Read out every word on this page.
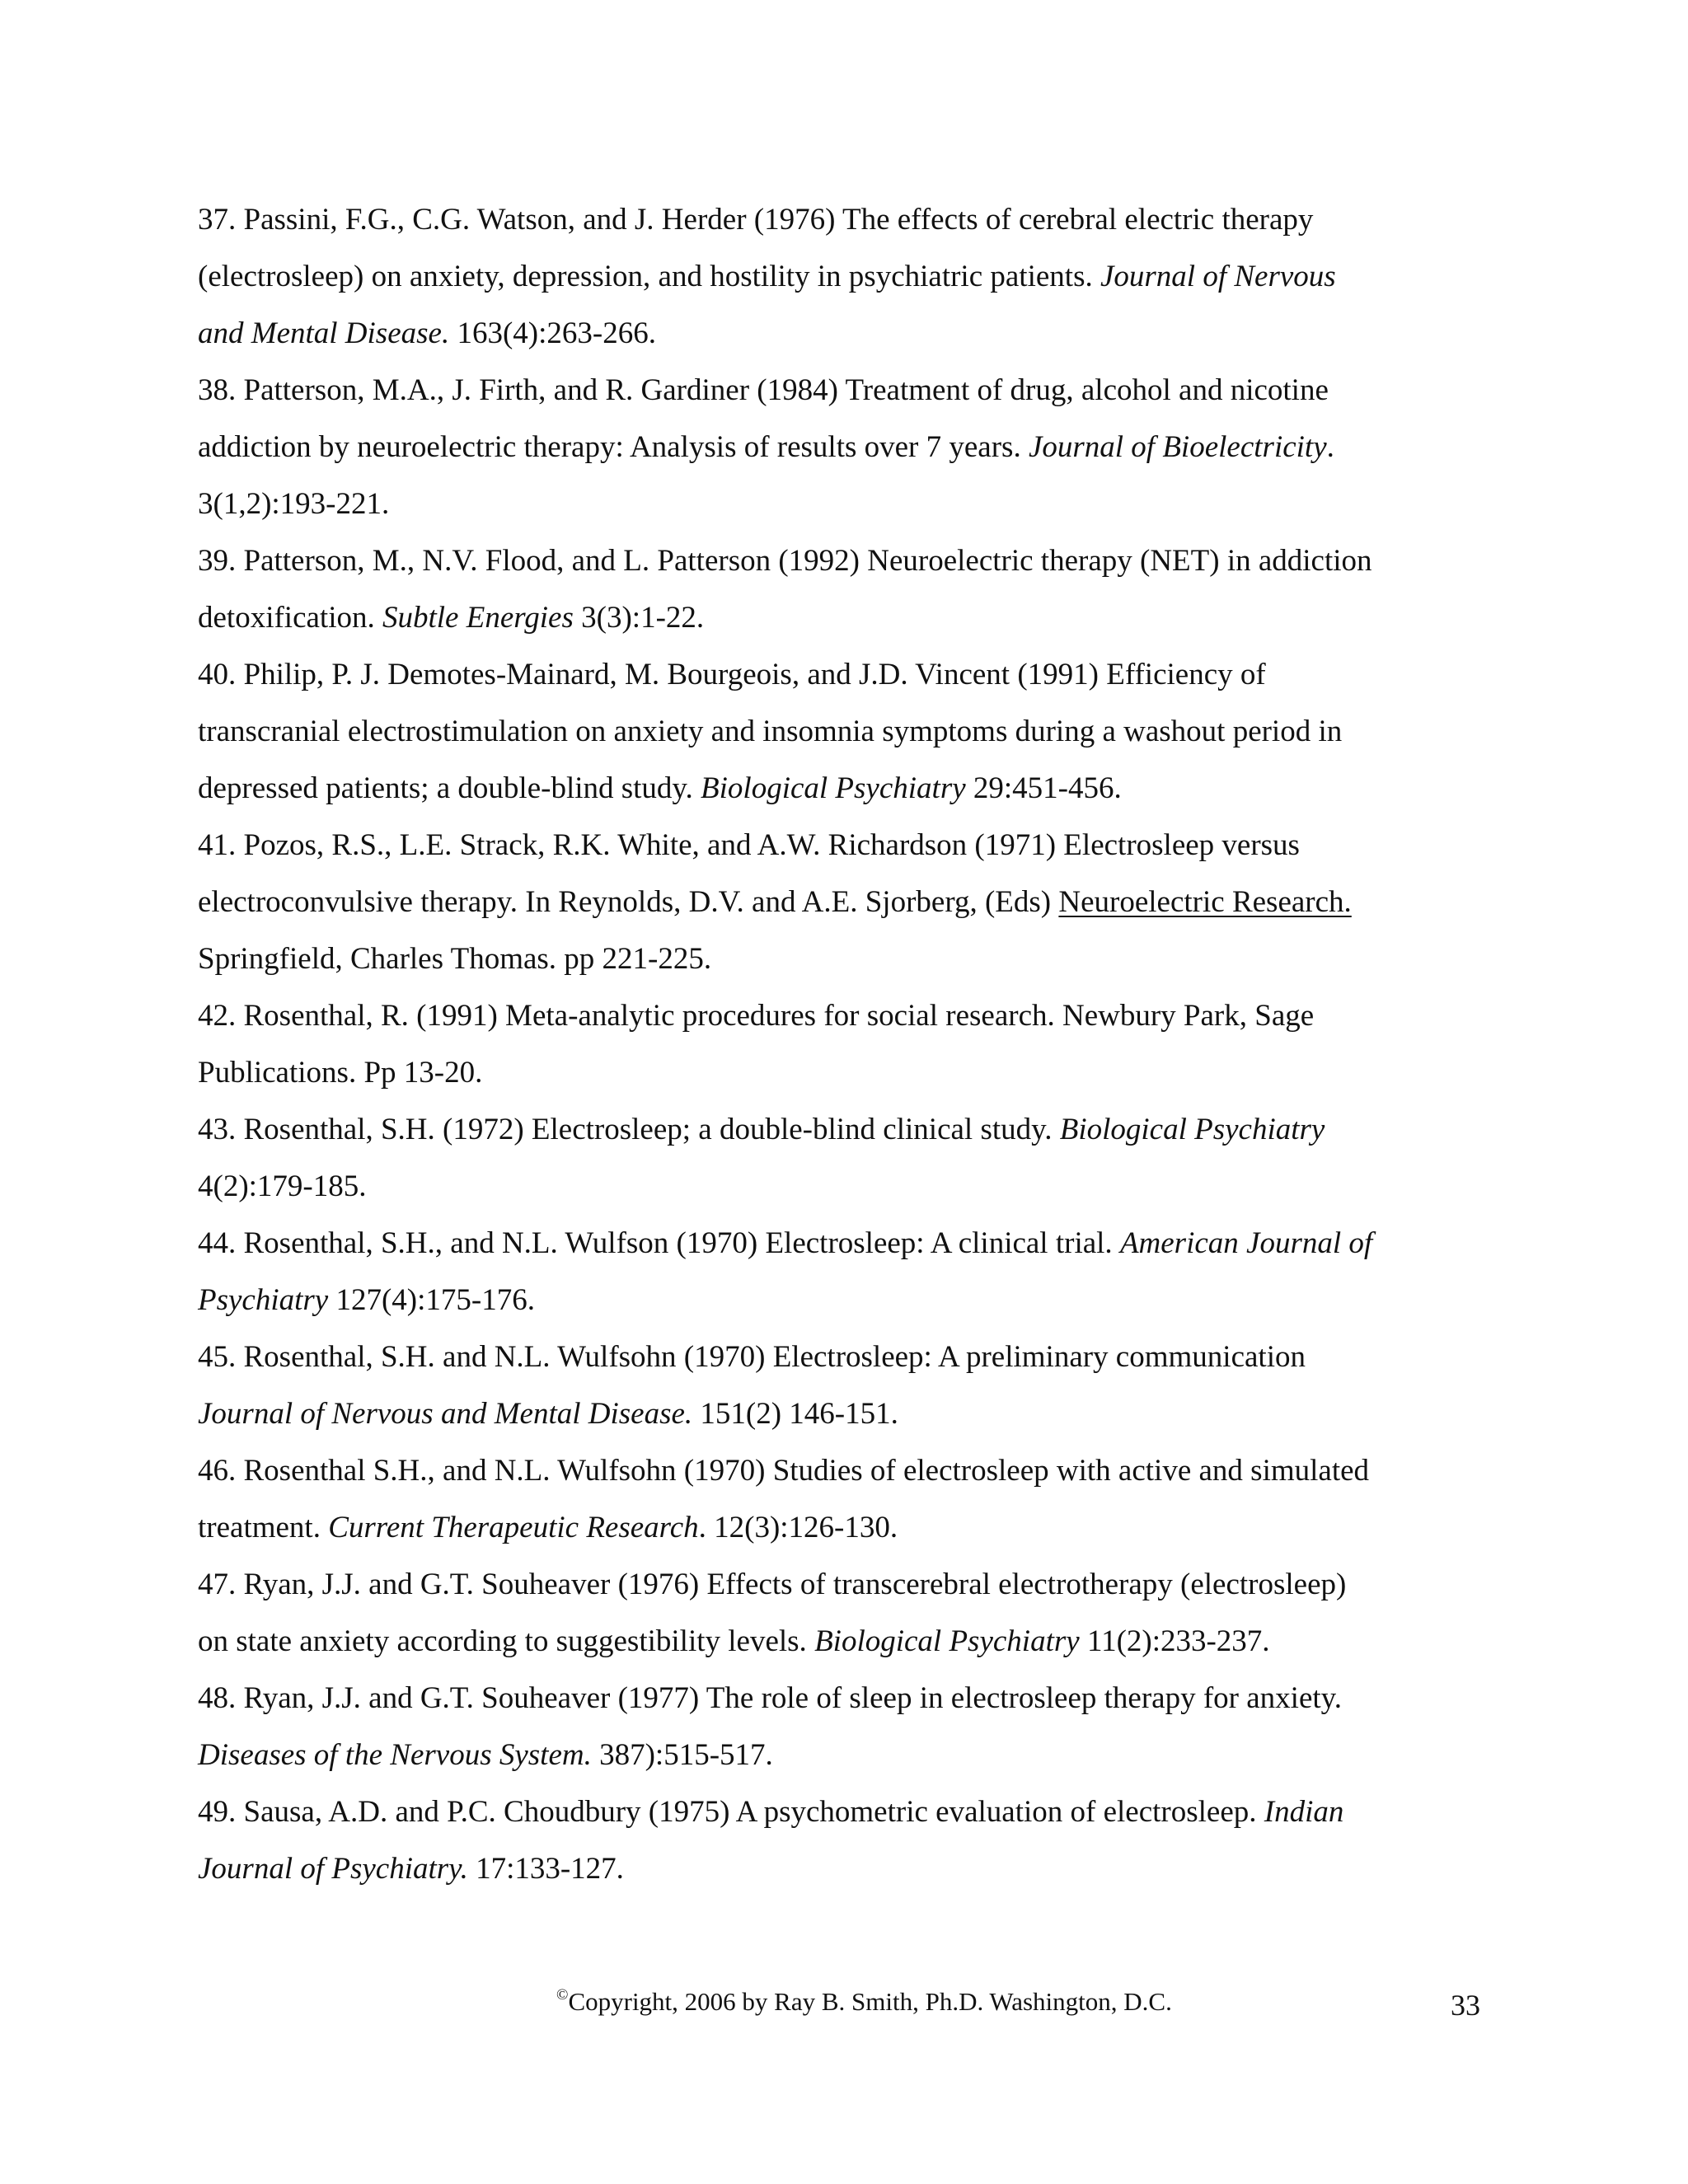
37. Passini, F.G., C.G. Watson, and J. Herder (1976) The effects of cerebral electric therapy
(electrosleep) on anxiety, depression, and hostility in psychiatric patients. Journal of Nervous
and Mental Disease. 163(4):263-266.
38. Patterson, M.A., J. Firth, and R. Gardiner (1984) Treatment of drug, alcohol and nicotine
addiction by neuroelectric therapy: Analysis of results over 7 years. Journal of Bioelectricity.
3(1,2):193-221.
39. Patterson, M., N.V. Flood, and L. Patterson (1992) Neuroelectric therapy (NET) in addiction
detoxification. Subtle Energies 3(3):1-22.
40. Philip, P. J. Demotes-Mainard, M. Bourgeois, and J.D. Vincent (1991) Efficiency of
transcranial electrostimulation on anxiety and insomnia symptoms during a washout period in
depressed patients; a double-blind study. Biological Psychiatry 29:451-456.
41. Pozos, R.S., L.E. Strack, R.K. White, and A.W. Richardson (1971) Electrosleep versus
electroconvulsive therapy. In Reynolds, D.V. and A.E. Sjorberg, (Eds) Neuroelectric Research.
Springfield, Charles Thomas. pp 221-225.
42. Rosenthal, R. (1991) Meta-analytic procedures for social research. Newbury Park, Sage
Publications. Pp 13-20.
43. Rosenthal, S.H. (1972) Electrosleep; a double-blind clinical study. Biological Psychiatry
4(2):179-185.
44. Rosenthal, S.H., and N.L. Wulfson (1970) Electrosleep: A clinical trial. American Journal of
Psychiatry 127(4):175-176.
45. Rosenthal, S.H. and N.L. Wulfsohn (1970) Electrosleep: A preliminary communication
Journal of Nervous and Mental Disease. 151(2) 146-151.
46. Rosenthal S.H., and N.L. Wulfsohn (1970) Studies of electrosleep with active and simulated
treatment. Current Therapeutic Research. 12(3):126-130.
47. Ryan, J.J. and G.T. Souheaver (1976) Effects of transcerebral electrotherapy (electrosleep)
on state anxiety according to suggestibility levels. Biological Psychiatry 11(2):233-237.
48. Ryan, J.J. and G.T. Souheaver (1977) The role of sleep in electrosleep therapy for anxiety.
Diseases of the Nervous System. 387):515-517.
49. Sausa, A.D. and P.C. Choudbury (1975) A psychometric evaluation of electrosleep. Indian
Journal of Psychiatry. 17:133-127.
©Copyright, 2006 by Ray B. Smith, Ph.D. Washington, D.C.	33
